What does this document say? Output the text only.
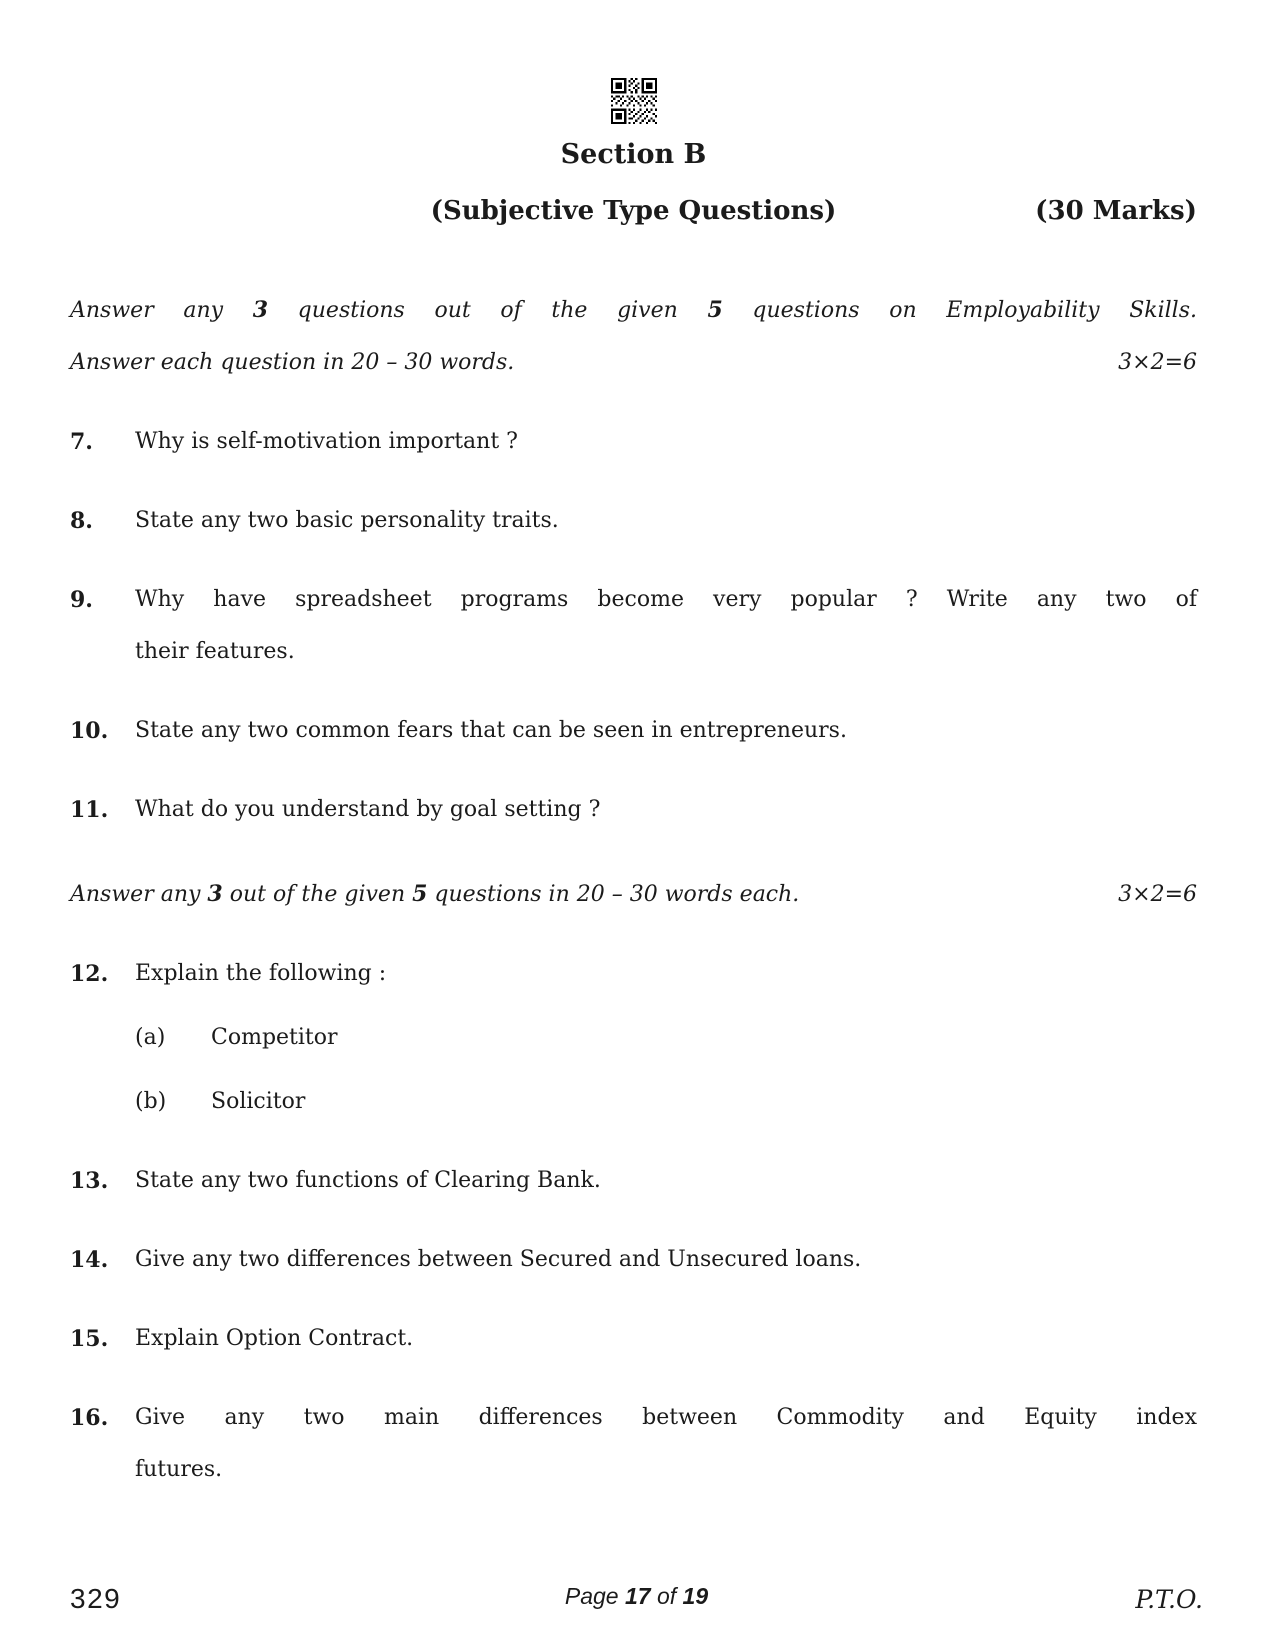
Section B
(Subjective Type Questions)	(30 Marks)
Answer any 3 questions out of the given 5 questions on Employability Skills.
Answer each question in 20 – 30 words.	3×2=6
7.	Why is self-motivation important ?
8.	State any two basic personality traits.
9.	Why have spreadsheet programs become very popular ? Write any two of
their features.
10.	State any two common fears that can be seen in entrepreneurs.
11.	What do you understand by goal setting ?
Answer any 3 out of the given 5 questions in 20 – 30 words each.	3×2=6
12.	Explain the following :
(a)	Competitor
(b)	Solicitor
13.	State any two functions of Clearing Bank.
14.	Give any two differences between Secured and Unsecured loans.
15.	Explain Option Contract.
16.	Give any two main differences between Commodity and Equity index
futures.
329	Page 17 of 19	P.T.O.
